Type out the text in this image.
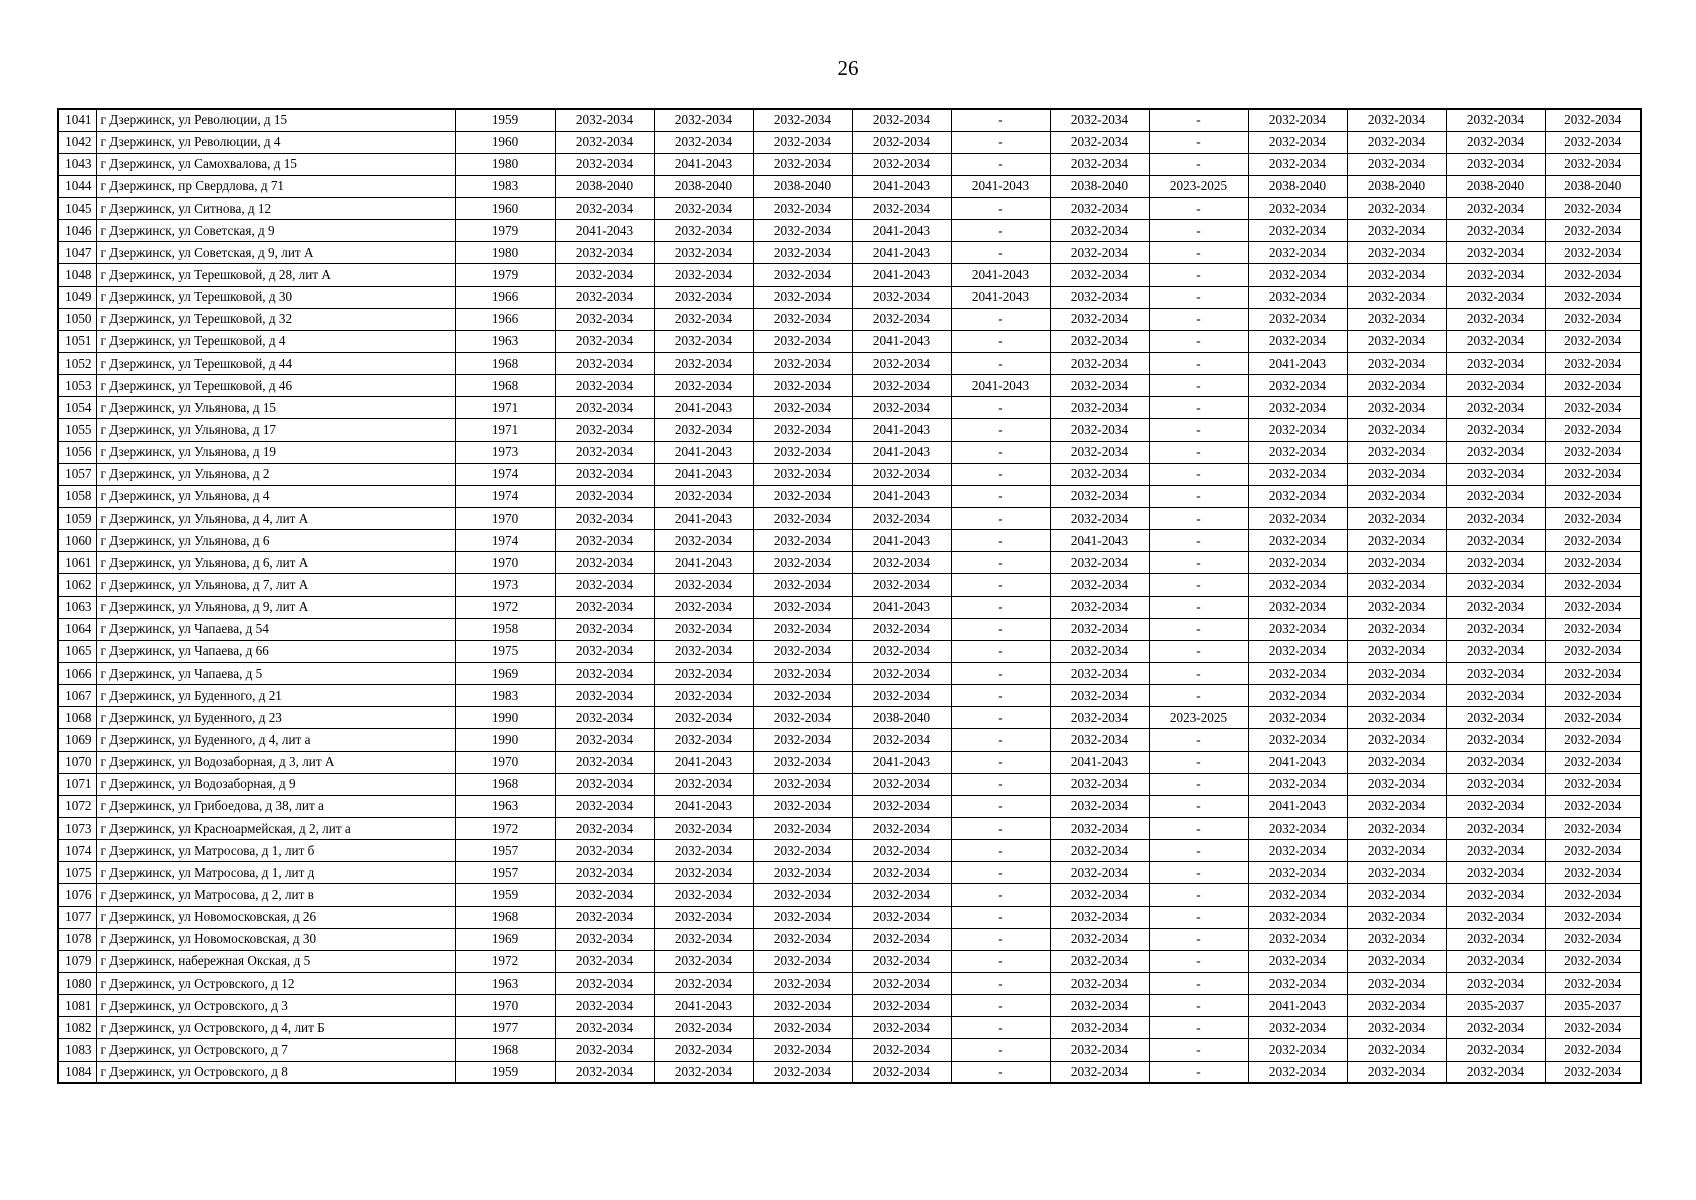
26
1041	г Дзержинск, ул Революции, д 15	1959	2032-2034	2032-2034	2032-2034	2032-2034	-	2032-2034	-	2032-2034	2032-2034	2032-2034	2032-2034
1042	г Дзержинск, ул Революции, д 4	1960	2032-2034	2032-2034	2032-2034	2032-2034	-	2032-2034	-	2032-2034	2032-2034	2032-2034	2032-2034
1043	г Дзержинск, ул Самохвалова, д 15	1980	2032-2034	2041-2043	2032-2034	2032-2034	-	2032-2034	-	2032-2034	2032-2034	2032-2034	2032-2034
1044	г Дзержинск, пр Свердлова, д 71	1983	2038-2040	2038-2040	2038-2040	2041-2043	2041-2043	2038-2040	2023-2025	2038-2040	2038-2040	2038-2040	2038-2040
1045	г Дзержинск, ул Ситнова, д 12	1960	2032-2034	2032-2034	2032-2034	2032-2034	-	2032-2034	-	2032-2034	2032-2034	2032-2034	2032-2034
1046	г Дзержинск, ул Советская, д 9	1979	2041-2043	2032-2034	2032-2034	2041-2043	-	2032-2034	-	2032-2034	2032-2034	2032-2034	2032-2034
1047	г Дзержинск, ул Советская, д 9, лит А	1980	2032-2034	2032-2034	2032-2034	2041-2043	-	2032-2034	-	2032-2034	2032-2034	2032-2034	2032-2034
1048	г Дзержинск, ул Терешковой, д 28, лит А	1979	2032-2034	2032-2034	2032-2034	2041-2043	2041-2043	2032-2034	-	2032-2034	2032-2034	2032-2034	2032-2034
1049	г Дзержинск, ул Терешковой, д 30	1966	2032-2034	2032-2034	2032-2034	2032-2034	2041-2043	2032-2034	-	2032-2034	2032-2034	2032-2034	2032-2034
1050	г Дзержинск, ул Терешковой, д 32	1966	2032-2034	2032-2034	2032-2034	2032-2034	-	2032-2034	-	2032-2034	2032-2034	2032-2034	2032-2034
1051	г Дзержинск, ул Терешковой, д 4	1963	2032-2034	2032-2034	2032-2034	2041-2043	-	2032-2034	-	2032-2034	2032-2034	2032-2034	2032-2034
1052	г Дзержинск, ул Терешковой, д 44	1968	2032-2034	2032-2034	2032-2034	2032-2034	-	2032-2034	-	2041-2043	2032-2034	2032-2034	2032-2034
1053	г Дзержинск, ул Терешковой, д 46	1968	2032-2034	2032-2034	2032-2034	2032-2034	2041-2043	2032-2034	-	2032-2034	2032-2034	2032-2034	2032-2034
1054	г Дзержинск, ул Ульянова, д 15	1971	2032-2034	2041-2043	2032-2034	2032-2034	-	2032-2034	-	2032-2034	2032-2034	2032-2034	2032-2034
1055	г Дзержинск, ул Ульянова, д 17	1971	2032-2034	2032-2034	2032-2034	2041-2043	-	2032-2034	-	2032-2034	2032-2034	2032-2034	2032-2034
1056	г Дзержинск, ул Ульянова, д 19	1973	2032-2034	2041-2043	2032-2034	2041-2043	-	2032-2034	-	2032-2034	2032-2034	2032-2034	2032-2034
1057	г Дзержинск, ул Ульянова, д 2	1974	2032-2034	2041-2043	2032-2034	2032-2034	-	2032-2034	-	2032-2034	2032-2034	2032-2034	2032-2034
1058	г Дзержинск, ул Ульянова, д 4	1974	2032-2034	2032-2034	2032-2034	2041-2043	-	2032-2034	-	2032-2034	2032-2034	2032-2034	2032-2034
1059	г Дзержинск, ул Ульянова, д 4, лит А	1970	2032-2034	2041-2043	2032-2034	2032-2034	-	2032-2034	-	2032-2034	2032-2034	2032-2034	2032-2034
1060	г Дзержинск, ул Ульянова, д 6	1974	2032-2034	2032-2034	2032-2034	2041-2043	-	2041-2043	-	2032-2034	2032-2034	2032-2034	2032-2034
1061	г Дзержинск, ул Ульянова, д 6, лит А	1970	2032-2034	2041-2043	2032-2034	2032-2034	-	2032-2034	-	2032-2034	2032-2034	2032-2034	2032-2034
1062	г Дзержинск, ул Ульянова, д 7, лит А	1973	2032-2034	2032-2034	2032-2034	2032-2034	-	2032-2034	-	2032-2034	2032-2034	2032-2034	2032-2034
1063	г Дзержинск, ул Ульянова, д 9, лит А	1972	2032-2034	2032-2034	2032-2034	2041-2043	-	2032-2034	-	2032-2034	2032-2034	2032-2034	2032-2034
1064	г Дзержинск, ул Чапаева, д 54	1958	2032-2034	2032-2034	2032-2034	2032-2034	-	2032-2034	-	2032-2034	2032-2034	2032-2034	2032-2034
1065	г Дзержинск, ул Чапаева, д 66	1975	2032-2034	2032-2034	2032-2034	2032-2034	-	2032-2034	-	2032-2034	2032-2034	2032-2034	2032-2034
1066	г Дзержинск, ул Чапаева, д 5	1969	2032-2034	2032-2034	2032-2034	2032-2034	-	2032-2034	-	2032-2034	2032-2034	2032-2034	2032-2034
1067	г Дзержинск, ул Буденного, д 21	1983	2032-2034	2032-2034	2032-2034	2032-2034	-	2032-2034	-	2032-2034	2032-2034	2032-2034	2032-2034
1068	г Дзержинск, ул Буденного, д 23	1990	2032-2034	2032-2034	2032-2034	2038-2040	-	2032-2034	2023-2025	2032-2034	2032-2034	2032-2034	2032-2034
1069	г Дзержинск, ул Буденного, д 4, лит а	1990	2032-2034	2032-2034	2032-2034	2032-2034	-	2032-2034	-	2032-2034	2032-2034	2032-2034	2032-2034
1070	г Дзержинск, ул Водозаборная, д 3, лит А	1970	2032-2034	2041-2043	2032-2034	2041-2043	-	2041-2043	-	2041-2043	2032-2034	2032-2034	2032-2034
1071	г Дзержинск, ул Водозаборная, д 9	1968	2032-2034	2032-2034	2032-2034	2032-2034	-	2032-2034	-	2032-2034	2032-2034	2032-2034	2032-2034
1072	г Дзержинск, ул Грибоедова, д 38, лит а	1963	2032-2034	2041-2043	2032-2034	2032-2034	-	2032-2034	-	2041-2043	2032-2034	2032-2034	2032-2034
1073	г Дзержинск, ул Красноармейская, д 2, лит а	1972	2032-2034	2032-2034	2032-2034	2032-2034	-	2032-2034	-	2032-2034	2032-2034	2032-2034	2032-2034
1074	г Дзержинск, ул Матросова, д 1, лит б	1957	2032-2034	2032-2034	2032-2034	2032-2034	-	2032-2034	-	2032-2034	2032-2034	2032-2034	2032-2034
1075	г Дзержинск, ул Матросова, д 1, лит д	1957	2032-2034	2032-2034	2032-2034	2032-2034	-	2032-2034	-	2032-2034	2032-2034	2032-2034	2032-2034
1076	г Дзержинск, ул Матросова, д 2, лит в	1959	2032-2034	2032-2034	2032-2034	2032-2034	-	2032-2034	-	2032-2034	2032-2034	2032-2034	2032-2034
1077	г Дзержинск, ул Новомосковская, д 26	1968	2032-2034	2032-2034	2032-2034	2032-2034	-	2032-2034	-	2032-2034	2032-2034	2032-2034	2032-2034
1078	г Дзержинск, ул Новомосковская, д 30	1969	2032-2034	2032-2034	2032-2034	2032-2034	-	2032-2034	-	2032-2034	2032-2034	2032-2034	2032-2034
1079	г Дзержинск, набережная Окская, д 5	1972	2032-2034	2032-2034	2032-2034	2032-2034	-	2032-2034	-	2032-2034	2032-2034	2032-2034	2032-2034
1080	г Дзержинск, ул Островского, д 12	1963	2032-2034	2032-2034	2032-2034	2032-2034	-	2032-2034	-	2032-2034	2032-2034	2032-2034	2032-2034
1081	г Дзержинск, ул Островского, д 3	1970	2032-2034	2041-2043	2032-2034	2032-2034	-	2032-2034	-	2041-2043	2032-2034	2035-2037	2035-2037
1082	г Дзержинск, ул Островского, д 4, лит Б	1977	2032-2034	2032-2034	2032-2034	2032-2034	-	2032-2034	-	2032-2034	2032-2034	2032-2034	2032-2034
1083	г Дзержинск, ул Островского, д 7	1968	2032-2034	2032-2034	2032-2034	2032-2034	-	2032-2034	-	2032-2034	2032-2034	2032-2034	2032-2034
1084	г Дзержинск, ул Островского, д 8	1959	2032-2034	2032-2034	2032-2034	2032-2034	-	2032-2034	-	2032-2034	2032-2034	2032-2034	2032-2034
